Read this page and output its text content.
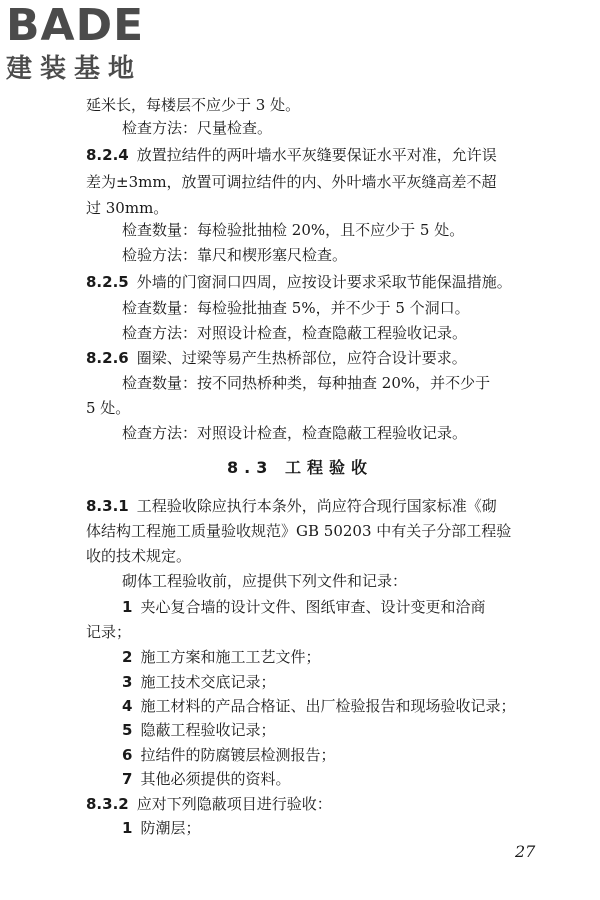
BADE
建装基地
延米长，每楼层不应少于 3 处。
检查方法：尺量检查。
8.2.4 放置拉结件的两叶墙水平灰缝要保证水平对准，允许误
差为±3mm，放置可调拉结件的内、外叶墙水平灰缝高差不超
过 30mm。
检查数量：每检验批抽检 20%，且不应少于 5 处。
检验方法：靠尺和楔形塞尺检查。
8.2.5 外墙的门窗洞口四周，应按设计要求采取节能保温措施。
检查数量：每检验批抽查 5%，并不少于 5 个洞口。
检查方法：对照设计检查，检查隐蔽工程验收记录。
8.2.6 圈梁、过梁等易产生热桥部位，应符合设计要求。
检查数量：按不同热桥种类，每种抽查 20%，并不少于
5 处。
检查方法：对照设计检查，检查隐蔽工程验收记录。
8.3.1 工程验收除应执行本条外，尚应符合现行国家标准《砌
体结构工程施工质量验收规范》GB 50203 中有关子分部工程验
收的技术规定。
砌体工程验收前，应提供下列文件和记录：
1 夹心复合墙的设计文件、图纸审查、设计变更和洽商
记录；
2 施工方案和施工工艺文件；
3 施工技术交底记录；
4 施工材料的产品合格证、出厂检验报告和现场验收记录；
5 隐蔽工程验收记录；
6 拉结件的防腐镀层检测报告；
7 其他必须提供的资料。
8.3.2 应对下列隐蔽项目进行验收：
1 防潮层；
8.3 工程验收
27
